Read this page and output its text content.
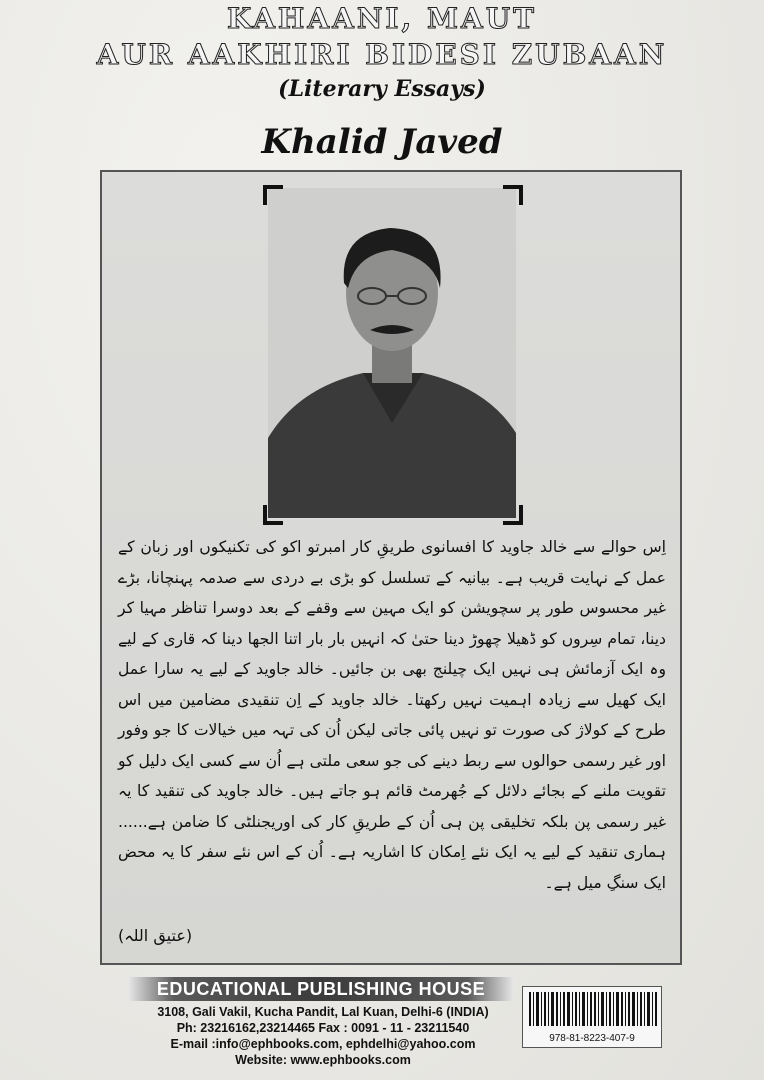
KAHAANI, MAUT
AUR AAKHIRI BIDESI ZUBAAN
(Literary Essays)
Khalid Javed

اِس حوالے سے خالد جاوید کا افسانوی طریقِ کار امبرتو اکو کی تکنیکوں اور زبان کے عمل کے نہایت قریب ہے۔ بیانیہ کے تسلسل کو بڑی بے دردی سے صدمہ پہنچانا، بڑے غیر محسوس طور پر سچویشن کو ایک مہین سے وقفے کے بعد دوسرا تناظر مہیا کر دینا، تمام سِروں کو ڈھیلا چھوڑ دینا حتیٰ کہ انہیں بار بار اتنا الجھا دینا کہ قاری کے لیے وہ ایک آزمائش ہی نہیں ایک چیلنج بھی بن جائیں۔ خالد جاوید کے لیے یہ سارا عمل ایک کھیل سے زیادہ اہمیت نہیں رکھتا۔ خالد جاوید کے اِن تنقیدی مضامین میں اس طرح کے کولاژ کی صورت تو نہیں پائی جاتی لیکن اُن کی تہہ میں خیالات کا جو وفور اور غیر رسمی حوالوں سے ربط دینے کی جو سعی ملتی ہے اُن سے کسی ایک دلیل کو تقویت ملنے کے بجائے دلائل کے جُھرمٹ قائم ہو جاتے ہیں۔ خالد جاوید کی تنقید کا یہ غیر رسمی پن بلکہ تخلیقی پن ہی اُن کے طریقِ کار کی اوریجنلٹی کا ضامن ہے...... ہماری تنقید کے لیے یہ ایک نئے اِمکان کا اشاریہ ہے۔ اُن کے اس نئے سفر کا یہ محض ایک سنگِ میل ہے۔

(عتیق اللہ)
EDUCATIONAL PUBLISHING HOUSE
3108, Gali Vakil, Kucha Pandit, Lal Kuan, Delhi-6 (INDIA)
Ph: 23216162,23214465 Fax : 0091 - 11 - 23211540
E-mail :info@ephbooks.com, ephdelhi@yahoo.com
Website: www.ephbooks.com
978-81-8223-407-9
